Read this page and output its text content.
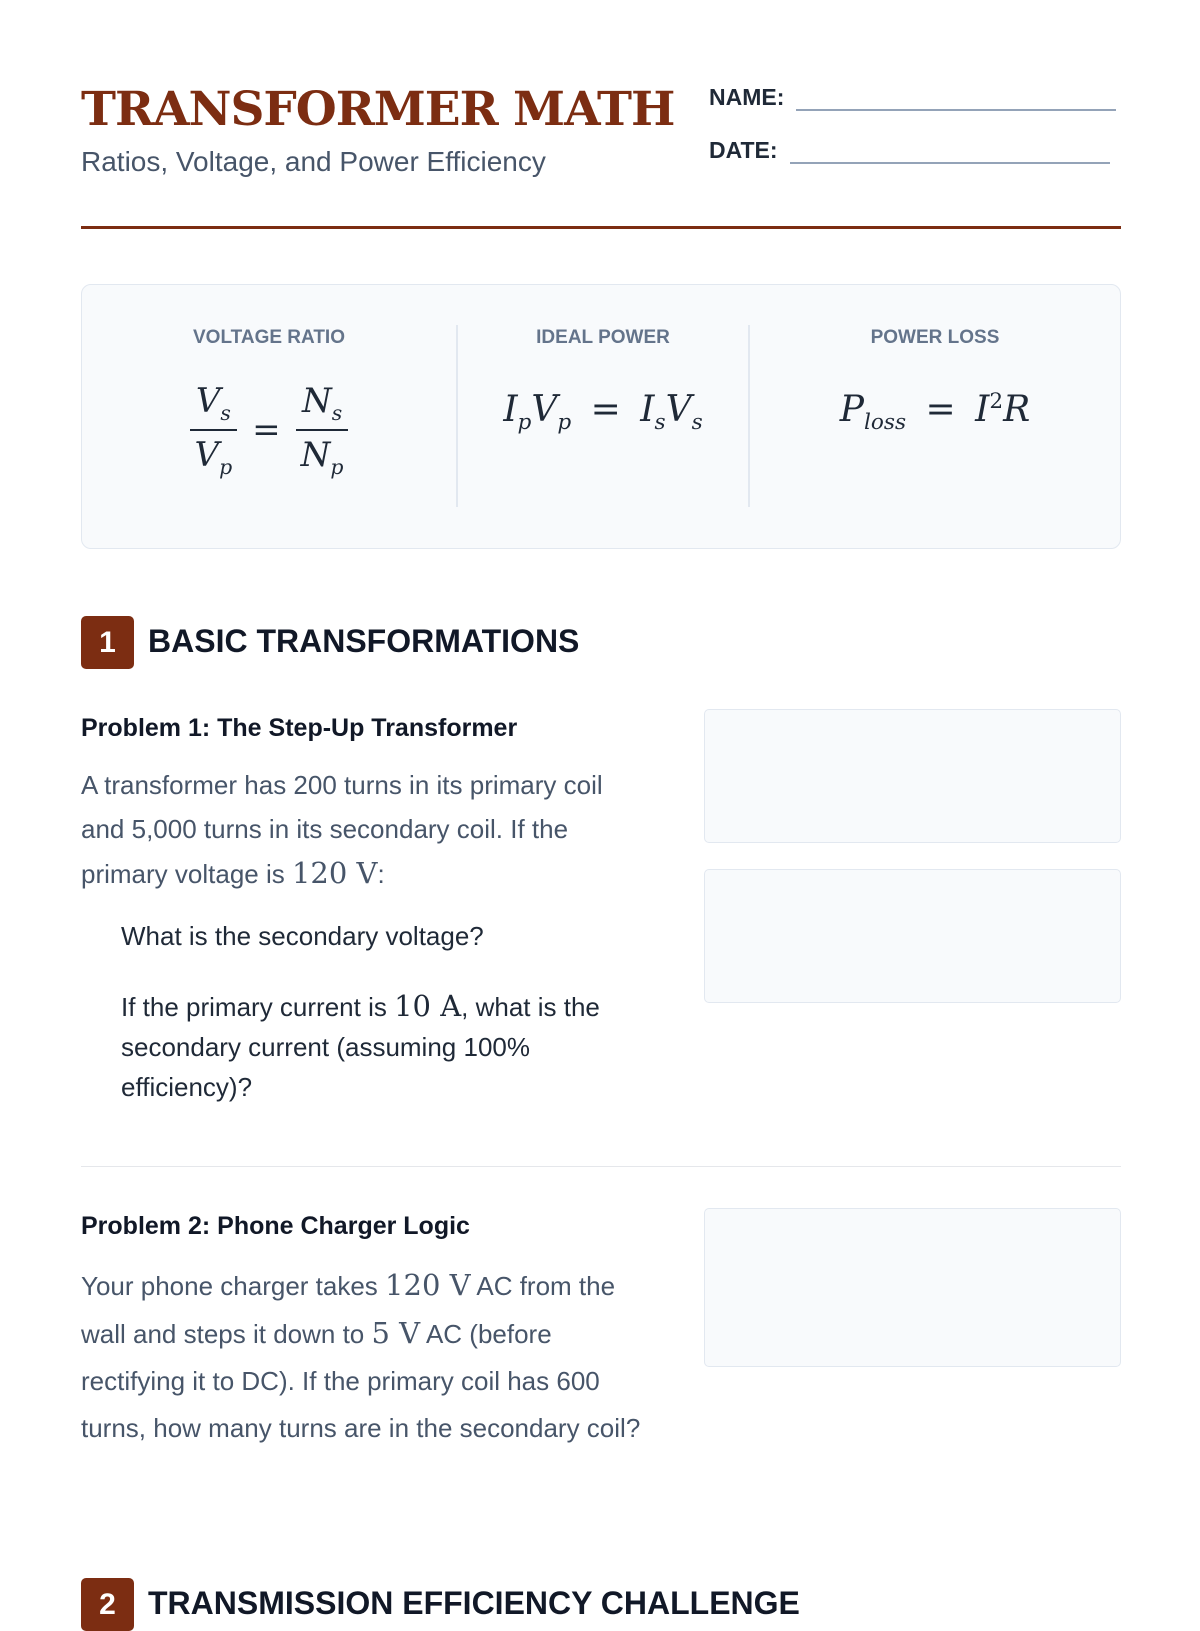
TRANSFORMER MATH
Ratios, Voltage, and Power Efficiency
NAME:
DATE:
VOLTAGE RATIO
$\frac{V_s}{V_p} = \frac{N_s}{N_p}$
IDEAL POWER
$I_pV_p = I_sV_s$
POWER LOSS
$P_{loss} = I^2R$
1	BASIC TRANSFORMATIONS
Problem 1: The Step-Up Transformer
A transformer has 200 turns in its primary coil and 5,000 turns in its secondary coil. If the primary voltage is 120 V:
What is the secondary voltage?
If the primary current is 10 A, what is the secondary current (assuming 100% efficiency)?
Problem 2: Phone Charger Logic
Your phone charger takes 120 V AC from the wall and steps it down to 5 V AC (before rectifying it to DC). If the primary coil has 600 turns, how many turns are in the secondary coil?
2	TRANSMISSION EFFICIENCY CHALLENGE
